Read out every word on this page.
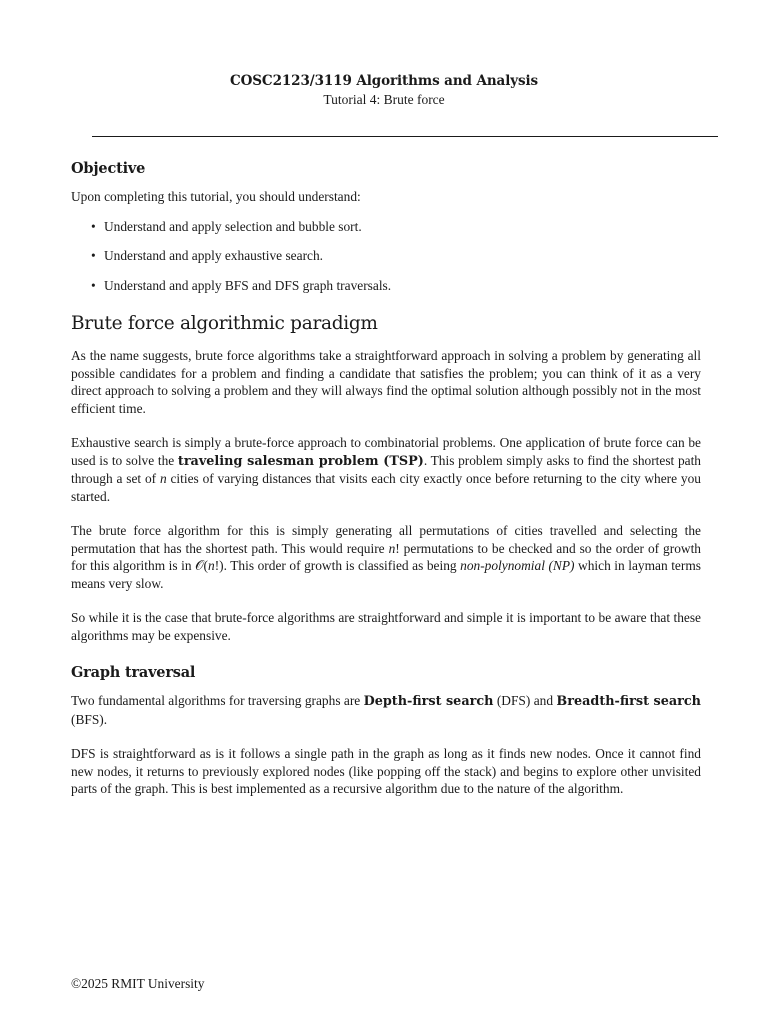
COSC2123/3119 Algorithms and Analysis
Tutorial 4: Brute force
Objective

Upon completing this tutorial, you should understand:

• Understand and apply selection and bubble sort.
• Understand and apply exhaustive search.
• Understand and apply BFS and DFS graph traversals.
Brute force algorithmic paradigm

As the name suggests, brute force algorithms take a straightforward approach in solving a problem by generating all possible candidates for a problem and finding a candidate that satisfies the problem; you can think of it as a very direct approach to solving a problem and they will always find the optimal solution although possibly not in the most efficient time.

Exhaustive search is simply a brute-force approach to combinatorial problems. One application of brute force can be used is to solve the traveling salesman problem (TSP). This problem simply asks to find the shortest path through a set of n cities of varying distances that visits each city exactly once before returning to the city where you started.

The brute force algorithm for this is simply generating all permutations of cities travelled and selecting the permutation that has the shortest path. This would require n! permutations to be checked and so the order of growth for this algorithm is in 𝒪(n!). This order of growth is classified as being non-polynomial (NP) which in layman terms means very slow.

So while it is the case that brute-force algorithms are straightforward and simple it is important to be aware that these algorithms may be expensive.

Graph traversal

Two fundamental algorithms for traversing graphs are Depth-first search (DFS) and Breadth-first search (BFS).

DFS is straightforward as is it follows a single path in the graph as long as it finds new nodes. Once it cannot find new nodes, it returns to previously explored nodes (like popping off the stack) and begins to explore other unvisited parts of the graph. This is best implemented as a recursive algorithm due to the nature of the algorithm.

©2025 RMIT University
